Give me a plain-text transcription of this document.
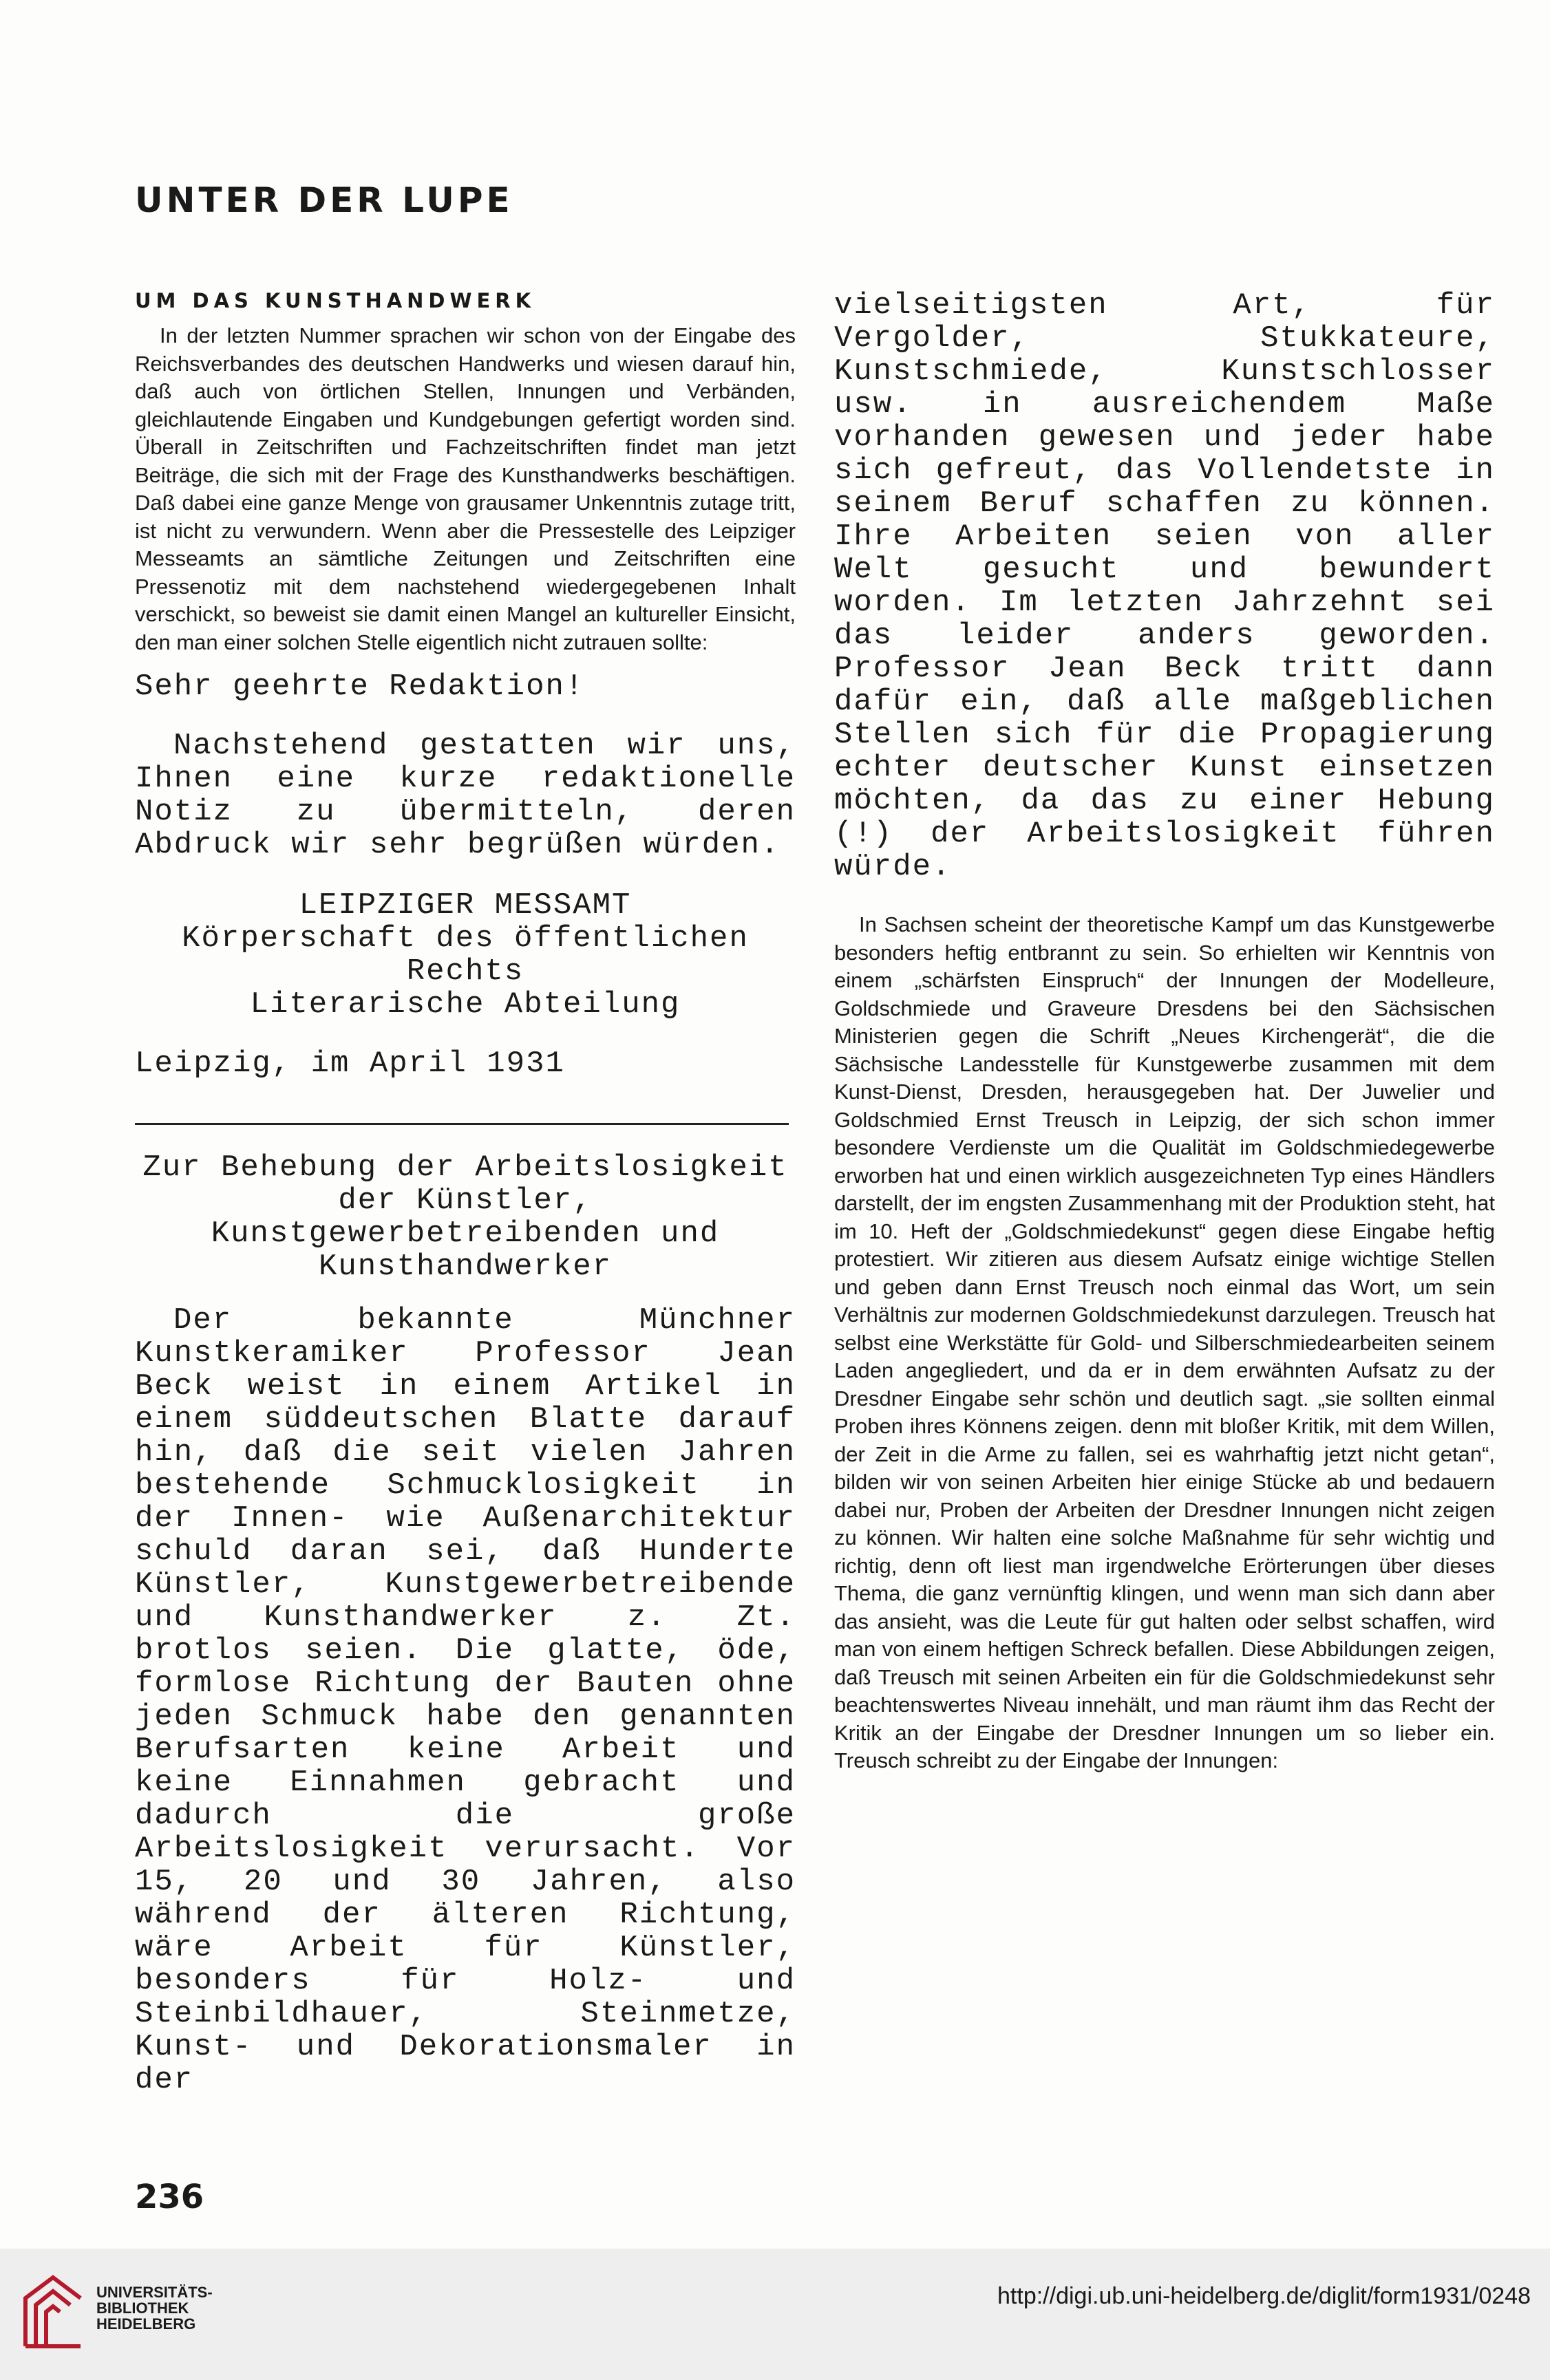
UNTER DER LUPE
UM DAS KUNSTHANDWERK
In der letzten Nummer sprachen wir schon von der Eingabe des Reichsverbandes des deutschen Handwerks und wiesen darauf hin, daß auch von örtlichen Stellen, Innungen und Verbänden, gleichlautende Eingaben und Kundgebungen gefertigt worden sind. Überall in Zeitschriften und Fachzeitschriften findet man jetzt Beiträge, die sich mit der Frage des Kunsthandwerks beschäftigen. Daß dabei eine ganze Menge von grausamer Unkenntnis zutage tritt, ist nicht zu verwundern. Wenn aber die Pressestelle des Leipziger Messeamts an sämtliche Zeitungen und Zeitschriften eine Pressenotiz mit dem nachstehend wiedergegebenen Inhalt verschickt, so beweist sie damit einen Mangel an kultureller Einsicht, den man einer solchen Stelle eigentlich nicht zutrauen sollte:
Sehr geehrte Redaktion!
Nachstehend gestatten wir uns, Ihnen eine kurze redaktionelle Notiz zu übermitteln, deren Abdruck wir sehr begrüßen würden.
LEIPZIGER MESSAMT
Körperschaft des öffentlichen Rechts
Literarische Abteilung
Leipzig, im April 1931
Zur Behebung der Arbeitslosigkeit der Künstler, Kunstgewerbetreibenden und Kunsthandwerker
Der bekannte Münchner Kunstkeramiker Professor Jean Beck weist in einem Artikel in einem süddeutschen Blatte darauf hin, daß die seit vielen Jahren bestehende Schmucklosigkeit in der Innen- wie Außenarchitektur schuld daran sei, daß Hunderte Künstler, Kunstgewerbetreibende und Kunsthandwerker z. Zt. brotlos seien. Die glatte, öde, formlose Richtung der Bauten ohne jeden Schmuck habe den genannten Berufsarten keine Arbeit und keine Einnahmen gebracht und dadurch die große Arbeitslosigkeit verursacht. Vor 15, 20 und 30 Jahren, also während der älteren Richtung, wäre Arbeit für Künstler, besonders für Holz- und Steinbildhauer, Steinmetze, Kunst- und Dekorationsmaler in der
vielseitigsten Art, für Vergolder, Stukkateure, Kunstschmiede, Kunstschlosser usw. in ausreichendem Maße vorhanden gewesen und jeder habe sich gefreut, das Vollendetste in seinem Beruf schaffen zu können. Ihre Arbeiten seien von aller Welt gesucht und bewundert worden. Im letzten Jahrzehnt sei das leider anders geworden. Professor Jean Beck tritt dann dafür ein, daß alle maßgeblichen Stellen sich für die Propagierung echter deutscher Kunst einsetzen möchten, da das zu einer Hebung (!) der Arbeitslosigkeit führen würde.
In Sachsen scheint der theoretische Kampf um das Kunstgewerbe besonders heftig entbrannt zu sein. So erhielten wir Kenntnis von einem „schärfsten Einspruch“ der Innungen der Modelleure, Goldschmiede und Graveure Dresdens bei den Sächsischen Ministerien gegen die Schrift „Neues Kirchengerät“, die die Sächsische Landesstelle für Kunstgewerbe zusammen mit dem Kunst-Dienst, Dresden, herausgegeben hat. Der Juwelier und Goldschmied Ernst Treusch in Leipzig, der sich schon immer besondere Verdienste um die Qualität im Goldschmiedegewerbe erworben hat und einen wirklich ausgezeichneten Typ eines Händlers darstellt, der im engsten Zusammenhang mit der Produktion steht, hat im 10. Heft der „Goldschmiedekunst“ gegen diese Eingabe heftig protestiert. Wir zitieren aus diesem Aufsatz einige wichtige Stellen und geben dann Ernst Treusch noch einmal das Wort, um sein Verhältnis zur modernen Goldschmiedekunst darzulegen. Treusch hat selbst eine Werkstätte für Gold- und Silberschmiedearbeiten seinem Laden angegliedert, und da er in dem erwähnten Aufsatz zu der Dresdner Eingabe sehr schön und deutlich sagt. „sie sollten einmal Proben ihres Könnens zeigen. denn mit bloßer Kritik, mit dem Willen, der Zeit in die Arme zu fallen, sei es wahrhaftig jetzt nicht getan“, bilden wir von seinen Arbeiten hier einige Stücke ab und bedauern dabei nur, Proben der Arbeiten der Dresdner Innungen nicht zeigen zu können. Wir halten eine solche Maßnahme für sehr wichtig und richtig, denn oft liest man irgendwelche Erörterungen über dieses Thema, die ganz vernünftig klingen, und wenn man sich dann aber das ansieht, was die Leute für gut halten oder selbst schaffen, wird man von einem heftigen Schreck befallen. Diese Abbildungen zeigen, daß Treusch mit seinen Arbeiten ein für die Goldschmiedekunst sehr beachtenswertes Niveau innehält, und man räumt ihm das Recht der Kritik an der Eingabe der Dresdner Innungen um so lieber ein. Treusch schreibt zu der Eingabe der Innungen:
236
UNIVERSITÄTS-
BIBLIOTHEK
HEIDELBERG
http://digi.ub.uni-heidelberg.de/diglit/form1931/0248
